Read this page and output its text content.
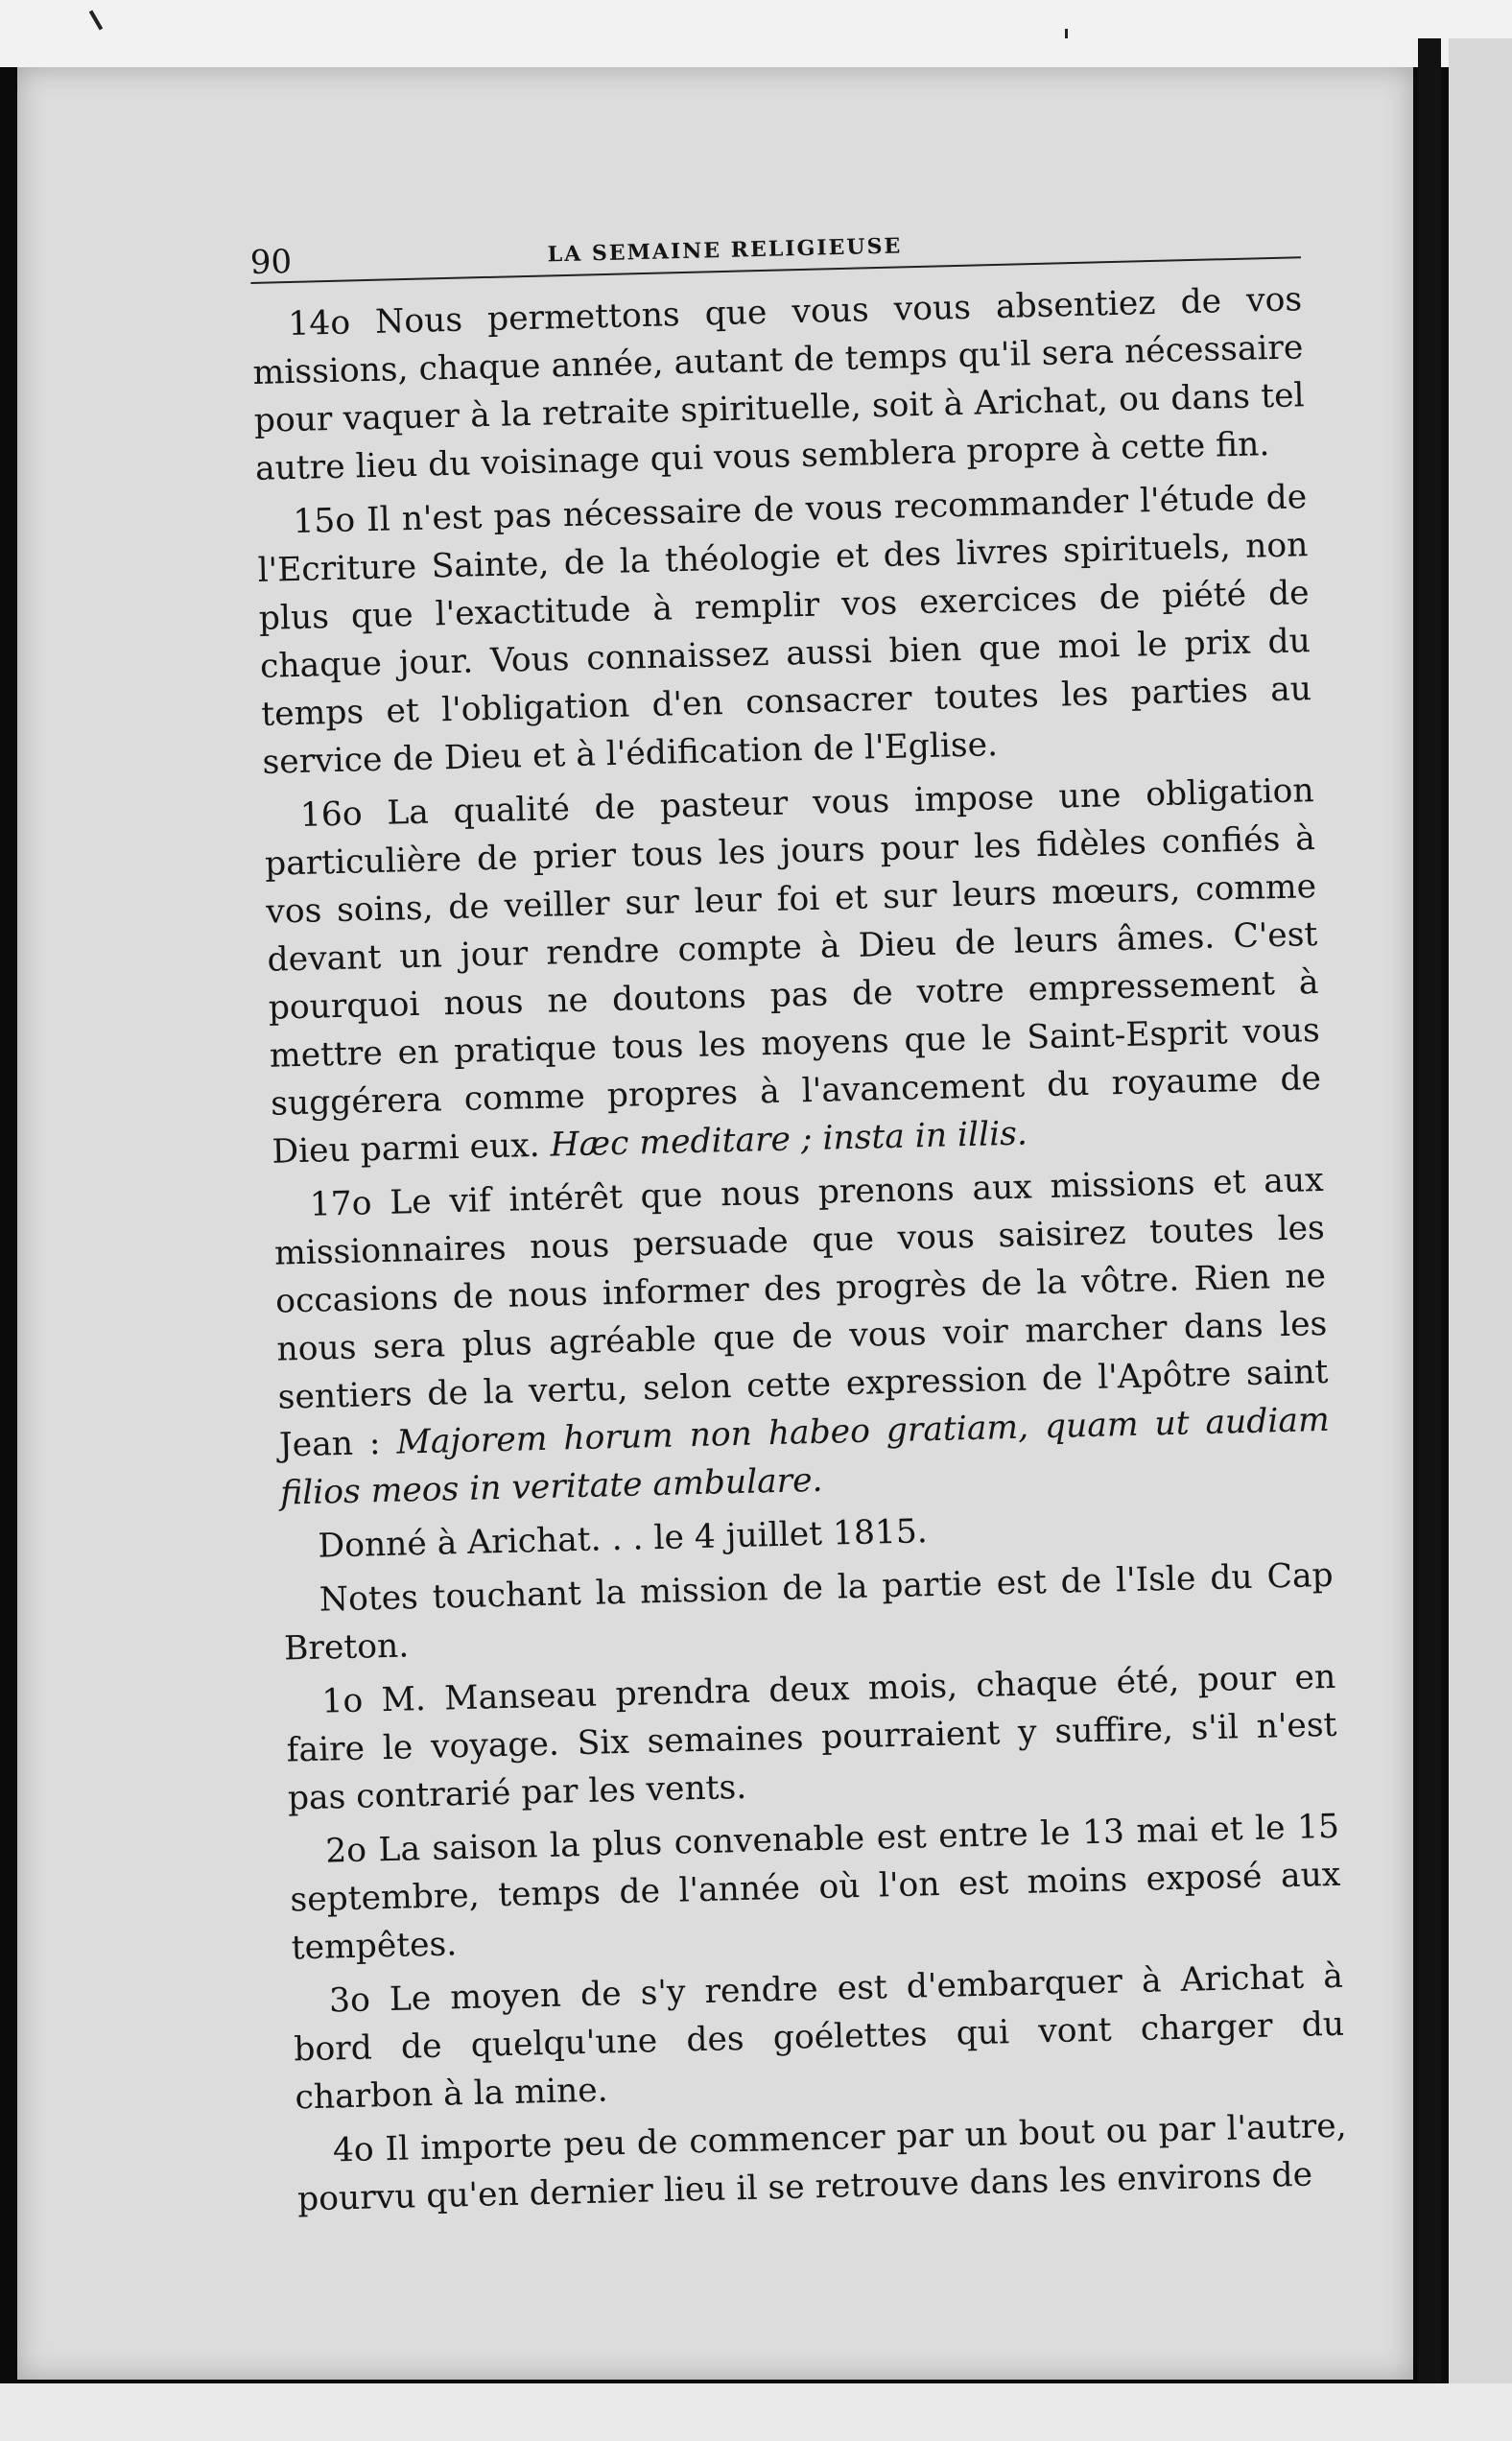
90	LA SEMAINE RELIGIEUSE

14o Nous permettons que vous vous absentiez de vos missions, chaque année, autant de temps qu'il sera nécessaire pour vaquer à la retraite spirituelle, soit à Arichat, ou dans tel autre lieu du voisinage qui vous semblera propre à cette fin.

15o Il n'est pas nécessaire de vous recommander l'étude de l'Ecriture Sainte, de la théologie et des livres spirituels, non plus que l'exactitude à remplir vos exercices de piété de chaque jour. Vous connaissez aussi bien que moi le prix du temps et l'obligation d'en consacrer toutes les parties au service de Dieu et à l'édification de l'Eglise.

16o La qualité de pasteur vous impose une obligation particulière de prier tous les jours pour les fidèles confiés à vos soins, de veiller sur leur foi et sur leurs mœurs, comme devant un jour rendre compte à Dieu de leurs âmes. C'est pourquoi nous ne doutons pas de votre empressement à mettre en pratique tous les moyens que le Saint-Esprit vous suggérera comme propres à l'avancement du royaume de Dieu parmi eux. Hæc meditare ; insta in illis.

17o Le vif intérêt que nous prenons aux missions et aux missionnaires nous persuade que vous saisirez toutes les occasions de nous informer des progrès de la vôtre. Rien ne nous sera plus agréable que de vous voir marcher dans les sentiers de la vertu, selon cette expression de l'Apôtre saint Jean : Majorem horum non habeo gratiam, quam ut audiam filios meos in veritate ambulare.

Donné à Arichat. . . le 4 juillet 1815.

Notes touchant la mission de la partie est de l'Isle du Cap Breton.

1o M. Manseau prendra deux mois, chaque été, pour en faire le voyage. Six semaines pourraient y suffire, s'il n'est pas contrarié par les vents.

2o La saison la plus convenable est entre le 13 mai et le 15 septembre, temps de l'année où l'on est moins exposé aux tempêtes.

3o Le moyen de s'y rendre est d'embarquer à Arichat à bord de quelqu'une des goélettes qui vont charger du charbon à la mine.

4o Il importe peu de commencer par un bout ou par l'autre, pourvu qu'en dernier lieu il se retrouve dans les environs de
